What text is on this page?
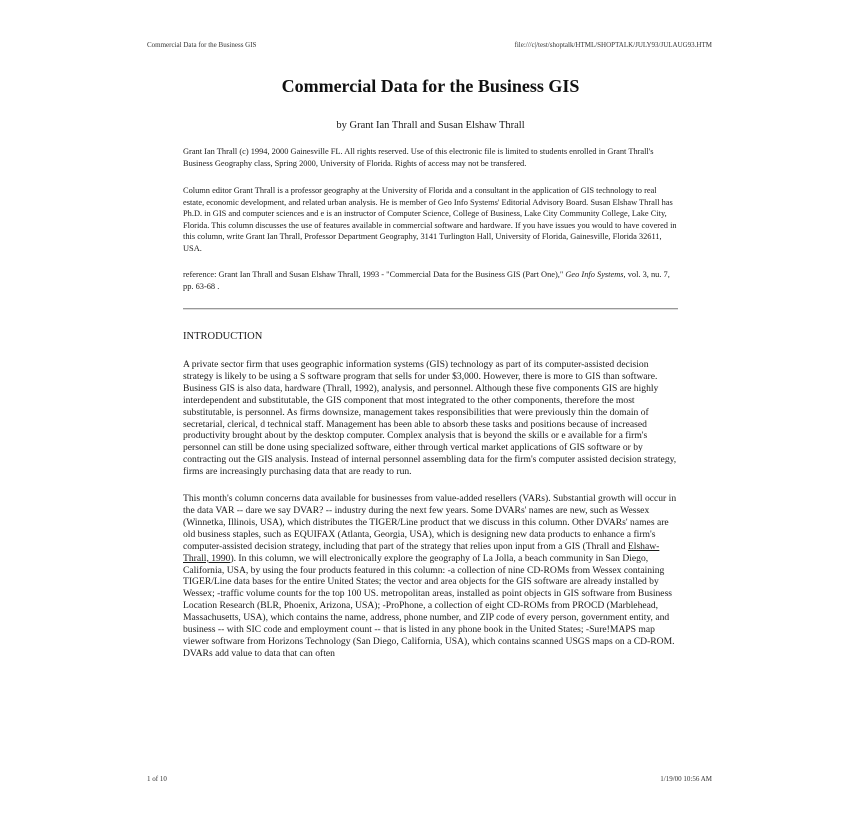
Commercial Data for the Business GIS	file:///c|/test/shoptalk/HTML/SHOPTALK/JULY93/JULAUG93.HTM
Commercial Data for the Business GIS
by Grant Ian Thrall and Susan Elshaw Thrall

Grant Ian Thrall (c) 1994, 2000 Gainesville FL. All rights reserved. Use of this electronic file is limited to students enrolled in Grant Thrall's Business Geography class, Spring 2000, University of Florida. Rights of access may not be transfered.

Column editor Grant Thrall is a professor geography at the University of Florida and a consultant in the application of GIS technology to real estate, economic development, and related urban analysis. He is member of Geo Info Systems' Editorial Advisory Board. Susan Elshaw Thrall has Ph.D. in GIS and computer sciences and e is an instructor of Computer Science, College of Business, Lake City Community College, Lake City, Florida. This column discusses the use of features available in commercial software and hardware. If you have issues you would to have covered in this column, write Grant Ian Thrall, Professor Department Geography, 3141 Turlington Hall, University of Florida, Gainesville, Florida 32611, USA.

reference: Grant Ian Thrall and Susan Elshaw Thrall, 1993 - "Commercial Data for the Business GIS (Part One)," Geo Info Systems, vol. 3, nu. 7, pp. 63-68 .

INTRODUCTION

A private sector firm that uses geographic information systems (GIS) technology as part of its computer-assisted decision strategy is likely to be using a S software program that sells for under $3,000. However, there is more to GIS than software. Business GIS is also data, hardware (Thrall, 1992), analysis, and personnel. Although these five components GIS are highly interdependent and substitutable, the GIS component that most integrated to the other components, therefore the most substitutable, is personnel. As firms downsize, management takes responsibilities that were previously thin the domain of secretarial, clerical, d technical staff. Management has been able to absorb these tasks and positions because of increased productivity brought about by the desktop computer. Complex analysis that is beyond the skills or e available for a firm's personnel can still be done using specialized software, either through vertical market applications of GIS software or by contracting out the GIS analysis. Instead of internal personnel assembling data for the firm's computer assisted decision strategy, firms are increasingly purchasing data that are ready to run.

This month's column concerns data available for businesses from value-added resellers (VARs). Substantial growth will occur in the data VAR -- dare we say DVAR? -- industry during the next few years. Some DVARs' names are new, such as Wessex (Winnetka, Illinois, USA), which distributes the TIGER/Line product that we discuss in this column. Other DVARs' names are old business staples, such as EQUIFAX (Atlanta, Georgia, USA), which is designing new data products to enhance a firm's computer-assisted decision strategy, including that part of the strategy that relies upon input from a GIS (Thrall and Elshaw-Thrall, 1990). In this column, we will electronically explore the geography of La Jolla, a beach community in San Diego, California, USA, by using the four products featured in this column: -a collection of nine CD-ROMs from Wessex containing TIGER/Line data bases for the entire United States; the vector and area objects for the GIS software are already installed by Wessex; -traffic volume counts for the top 100 US. metropolitan areas, installed as point objects in GIS software from Business Location Research (BLR, Phoenix, Arizona, USA); -ProPhone, a collection of eight CD-ROMs from PROCD (Marblehead, Massachusetts, USA), which contains the name, address, phone number, and ZIP code of every person, government entity, and business -- with SIC code and employment count -- that is listed in any phone book in the United States; -Sure!MAPS map viewer software from Horizons Technology (San Diego, California, USA), which contains scanned USGS maps on a CD-ROM. DVARs add value to data that can often

1 of 10	1/19/00 10:56 AM
